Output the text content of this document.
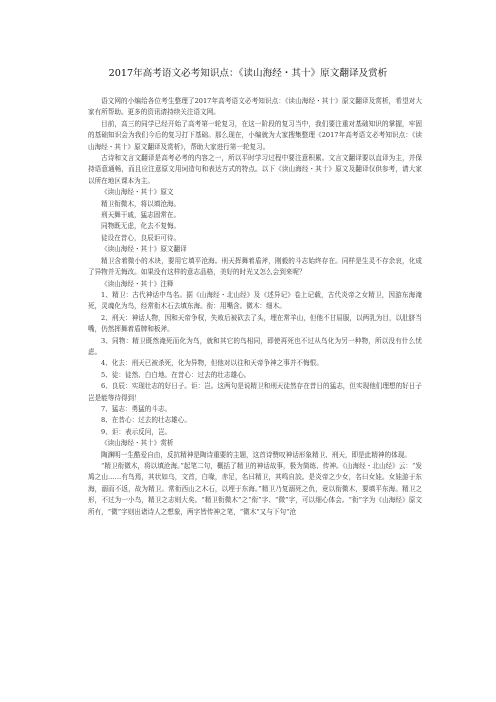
2017年高考语文必考知识点：《读山海经・其十》原文翻译及赏析

语文网的小编给各位考生整理了2017年高考语文必考知识点：《读山海经・其十》原文翻译及赏析，希望对大家有所帮助。更多的资讯请持续关注语文网。

目前，高三的同学已经开始了高考第一轮复习，在这一阶段的复习当中，我们要注重对基础知识的掌握，牢固的基础知识会为我们今后的复习打下基础。那么现在，小编就为大家搜集整理《2017年高考语文必考知识点：《读山海经・其十》原文翻译及赏析》，帮助大家进行第一轮复习。

古诗和文言文翻译是高考必考的内容之一，所以平时学习过程中要注意积累。文言文翻译要以直译为主，并保持语意通畅，而且应注意原文用词造句和表达方式的特点。以下《读山海经・其十》原文及翻译仅供参考，请大家以所在地区课本为主。

《读山海经・其十》原文

精卫衔微木，将以填沧海。

刑天舞干戚，猛志固常在。

同物既无虑，化去不复悔。

徒设在昔心，良辰讵可待。

《读山海经・其十》原文翻译

精卫含着微小的木块，要用它填平沧海。刑天挥舞着盾斧，刚毅的斗志始终存在。同样是生灵不存余哀，化成了异物并无悔改。如果没有这样的意志品格，美好的时光又怎么会到来呢？

《读山海经・其十》注释

1、精卫：古代神话中鸟名。据《山海经・北山经》及《述异记》卷上记载，古代炎帝之女精卫，因游东海淹死，灵魂化为鸟，经常衔木石去填东海。衔：用嘴含。微木：细木。

2、刑天：神话人物，因和天帝争权，失败后被砍去了头，埋在常羊山，但他不甘屈服，以两乳为目，以肚脐当嘴，仍然挥舞着盾牌和板斧。

3、同物：精卫既然淹死而化为鸟，就和其它的鸟相同，即使再死也不过从鸟化为另一种物，所以没有什么忧虑。

4、化去：刑天已被杀死，化为异物，但他对以往和天帝争神之事并不悔恨。

5、徒：徒然、白白地。在昔心：过去的壮志雄心。

6、良辰：实现壮志的好日子。讵：岂。这两句是说精卫和刑天徒然存在昔日的猛志，但实现他们理想的好日子岂是能等待得到！

7、猛志：勇猛的斗志。

8、在昔心：过去的壮志雄心。

9、讵：表示反问，岂。

《读山海经・其十》赏析

陶渊明一生酷爱自由，反抗精神是陶诗重要的主题，这首诗赞叹神话形象精卫、刑天，即是此精神的体现。

“精卫衔微木，将以填沧海。”起笔二句，概括了精卫的神话故事，极为简练、传神。《山海经・北山经》云：“发鸠之山……有鸟焉，其状如乌，文首，白喙，赤足，名曰精卫，其鸣自詨。是炎帝之少女，名曰女娃。女娃游于东海，溺而不返，故为精卫。常衔西山之木石，以堙于东海。”精卫乃复溺死之仇，竟以衔微木，要填平东海。精卫之形，不过为一小鸟，精卫之志则大矣。“精卫衔微木”之“衔”字、“微”字，可以细心体会。“衔”字为《山海经》原文所有，“微”字则出诸诗人之想象，两字皆传神之笔，“微木”又与下句“沧
